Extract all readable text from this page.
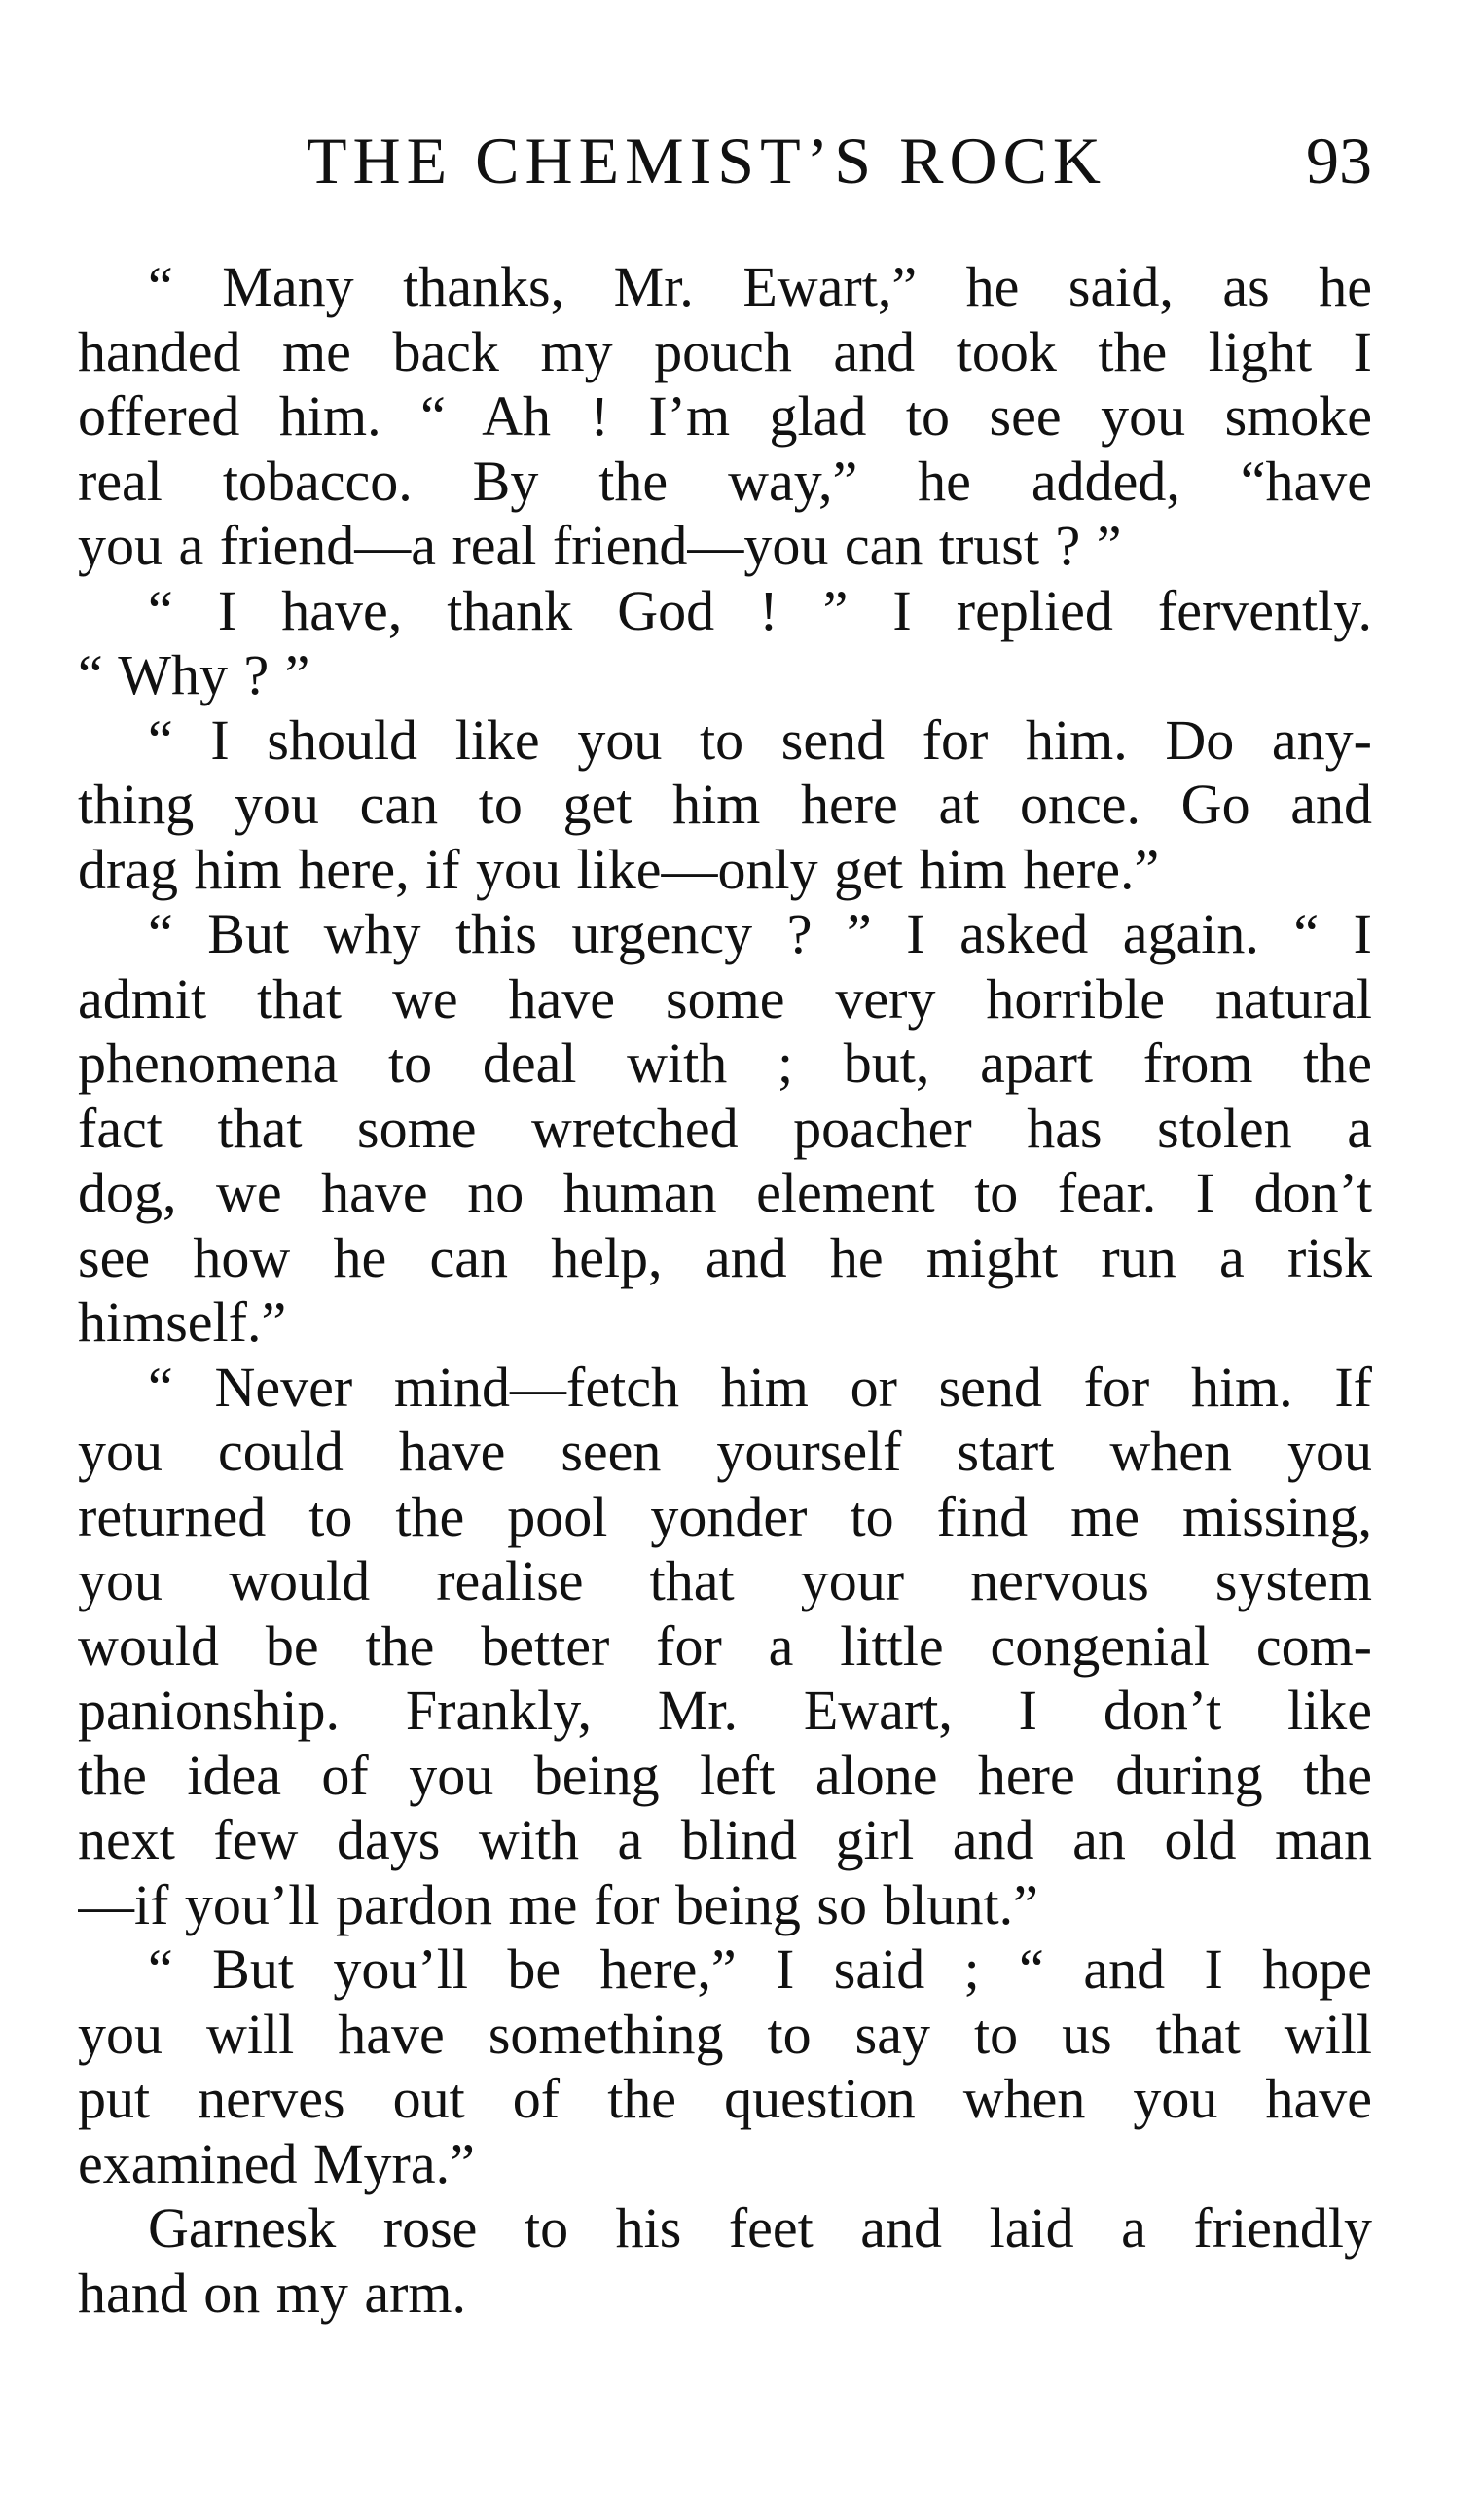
THE CHEMIST’S ROCK	93
“ Many thanks, Mr. Ewart,” he said, as he
handed me back my pouch and took the light I
offered him. “ Ah ! I’m glad to see you smoke
real tobacco. By the way,” he added, “have
you a friend—a real friend—you can trust ? ”
“ I have, thank God ! ” I replied fervently.
“ Why ? ”
“ I should like you to send for him. Do any-
thing you can to get him here at once. Go and
drag him here, if you like—only get him here.”
“ But why this urgency ? ” I asked again. “ I
admit that we have some very horrible natural
phenomena to deal with ; but, apart from the
fact that some wretched poacher has stolen a
dog, we have no human element to fear. I don’t
see how he can help, and he might run a risk
himself.”
“ Never mind—fetch him or send for him. If
you could have seen yourself start when you
returned to the pool yonder to find me missing,
you would realise that your nervous system
would be the better for a little congenial com-
panionship. Frankly, Mr. Ewart, I don’t like
the idea of you being left alone here during the
next few days with a blind girl and an old man
—if you’ll pardon me for being so blunt.”
“ But you’ll be here,” I said ; “ and I hope
you will have something to say to us that will
put nerves out of the question when you have
examined Myra.”
Garnesk rose to his feet and laid a friendly
hand on my arm.
